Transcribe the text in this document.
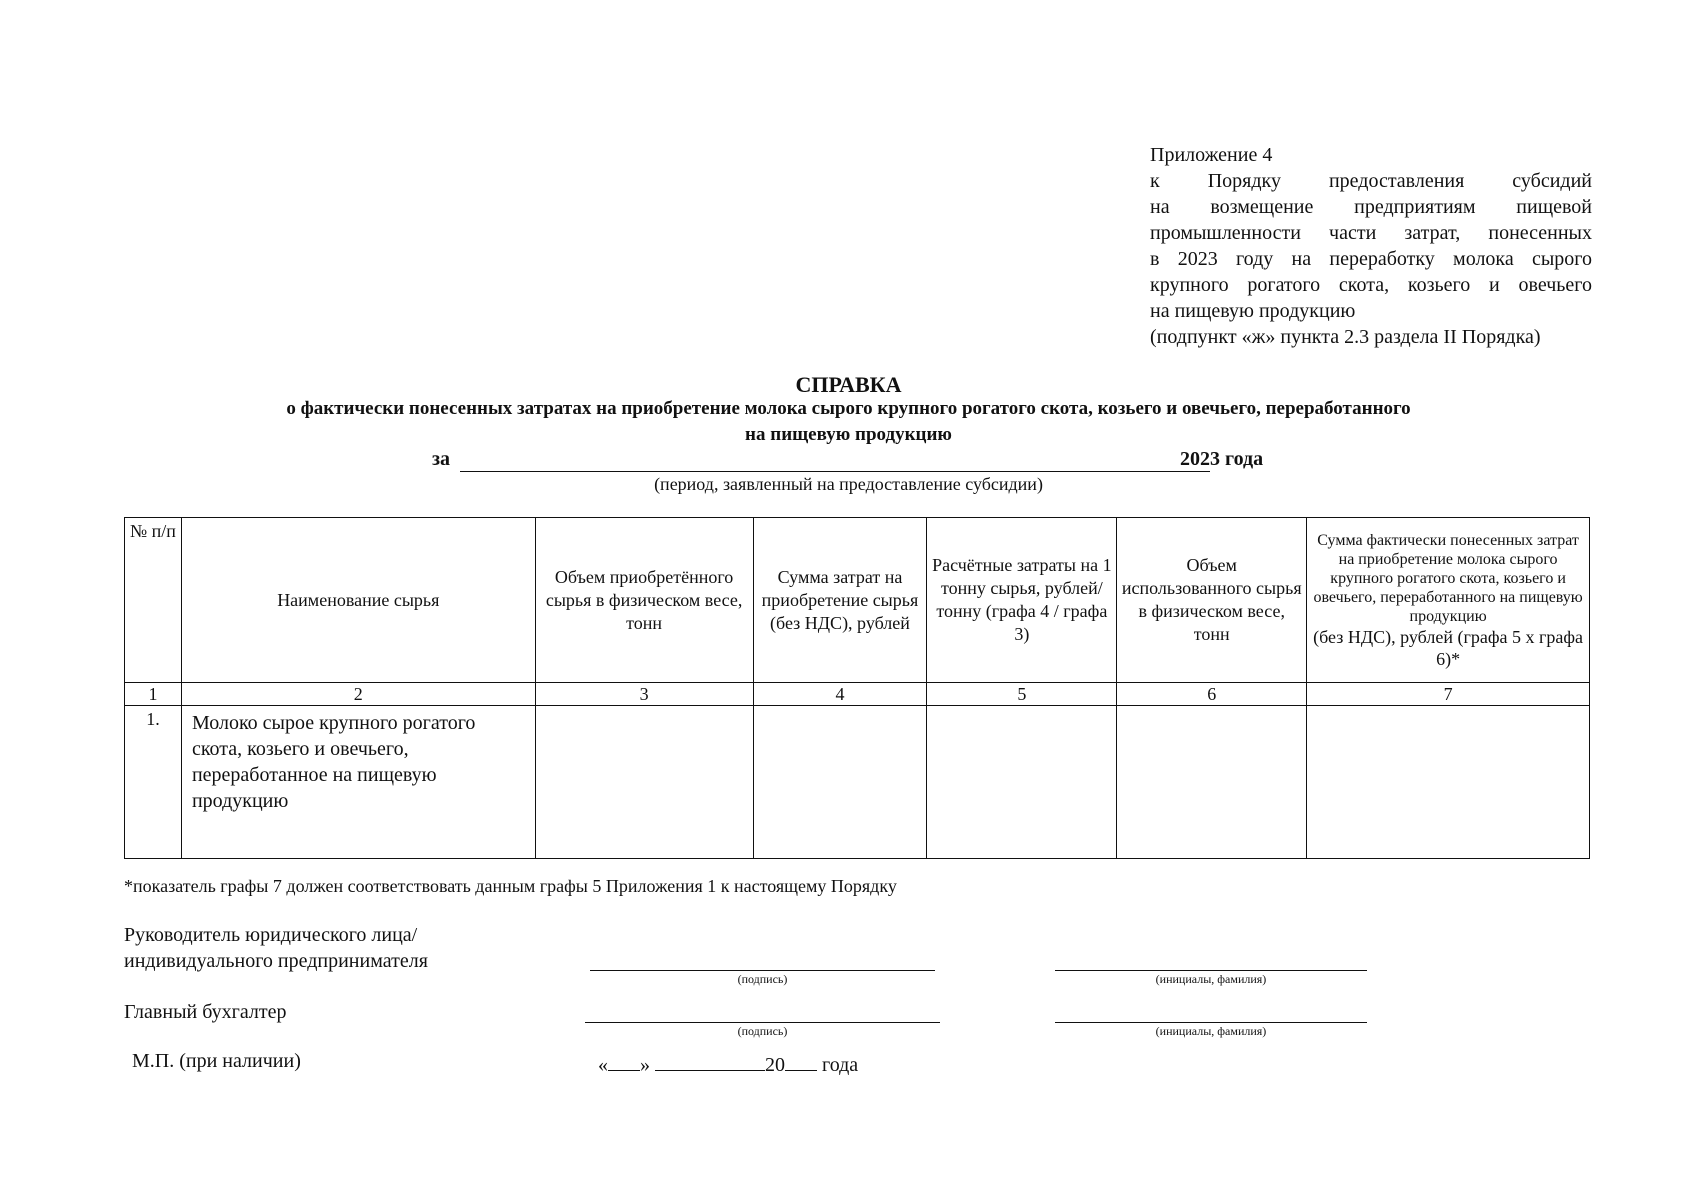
Приложение 4
к Порядку предоставления субсидий
на возмещение предприятиям пищевой
промышленности части затрат, понесенных
в 2023 году на переработку молока сырого
крупного рогатого скота, козьего и овечьего
на пищевую продукцию
(подпункт «ж» пункта 2.3 раздела II Порядка)
СПРАВКА
о фактически понесенных затратах на приобретение молока сырого крупного рогатого скота, козьего и овечьего, переработанного
на пищевую продукцию
за	2023 года
(период, заявленный на предоставление субсидии)
№ п/п	Наименование сырья	Объем приобретённого сырья в физическом весе, тонн	Сумма затрат на приобретение сырья (без НДС), рублей	Расчётные затраты на 1 тонну сырья, рублей/тонну (графа 4 / графа 3)	Объем использованного сырья в физическом весе, тонн	Сумма фактически понесенных затрат на приобретение молока сырого крупного рогатого скота, козьего и овечьего, переработанного на пищевую продукцию
(без НДС), рублей (графа 5 х графа 6)*
1	2	3	4	5	6	7
1.	Молоко сырое крупного рогатого скота, козьего и овечьего, переработанное на пищевую продукцию					
*показатель графы 7 должен соответствовать данным графы 5 Приложения 1 к настоящему Порядку
Руководитель юридического лица/
индивидуального предпринимателя
(подпись)	(инициалы, фамилия)
Главный бухгалтер
(подпись)	(инициалы, фамилия)
М.П. (при наличии)	« »	20 года
